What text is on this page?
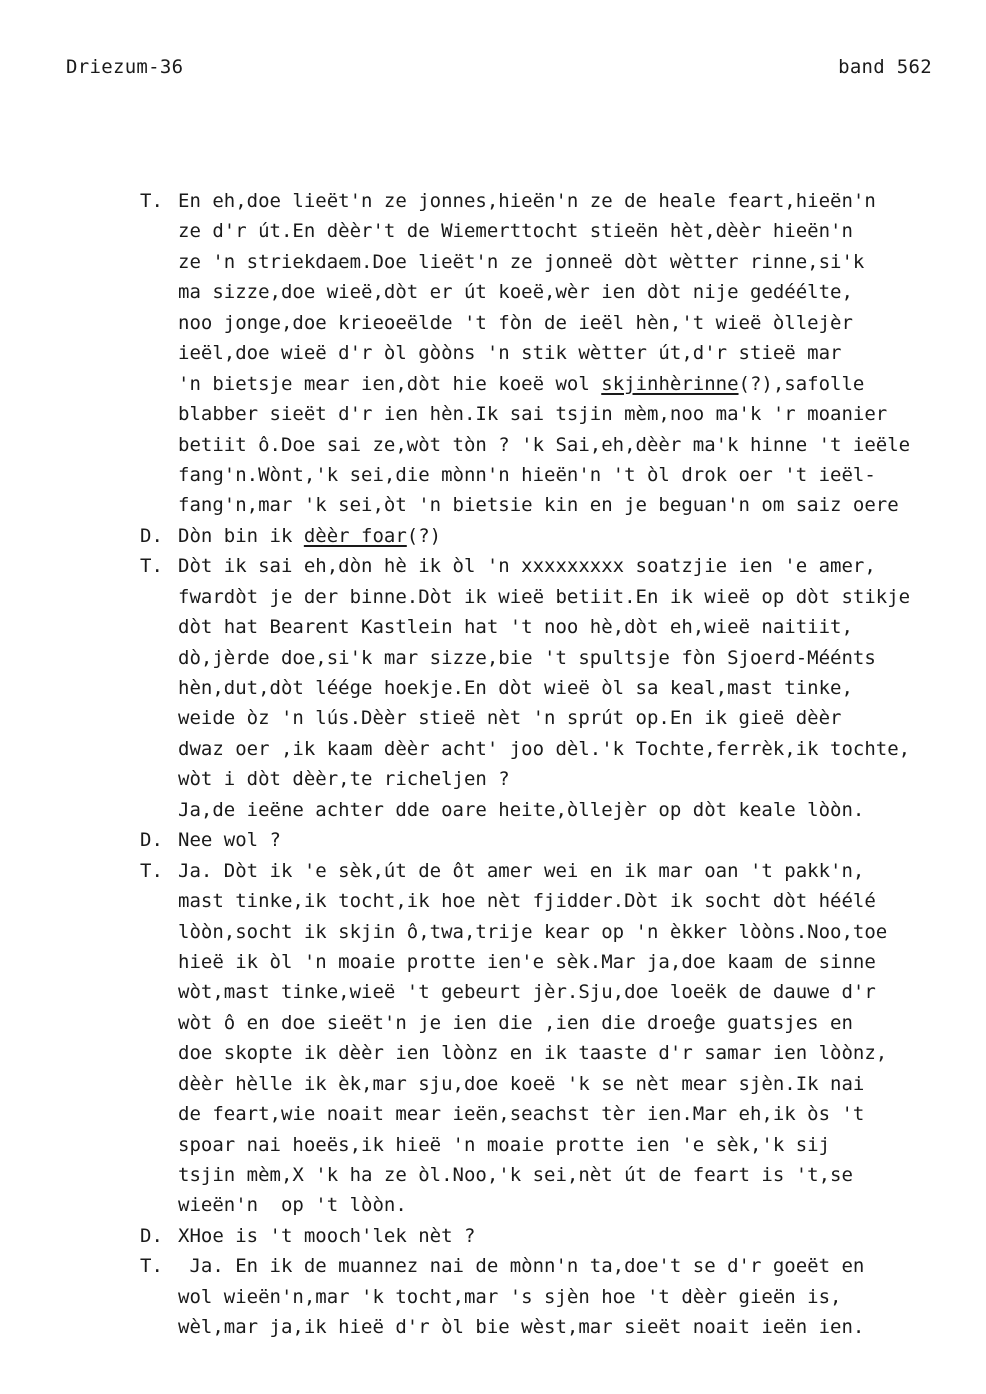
Driezum-36	band 562
T. En eh,doe lieët'n ze jonnes,hieën'n ze de heale feart,hieën'n
ze d'r út.En dèèr't de Wiemerttocht stieën hèt,dèèr hieën'n
ze 'n striekdaem.Doe lieët'n ze jonneë dòt wètter rinne,si'k
ma sizze,doe wieë,dòt er út koeë,wèr ien dòt nije gedéélte,
noo jonge,doe krieoeëlde 't fòn de ieël hèn,'t wieë òllejèr
ieël,doe wieë d'r òl gòòns 'n stik wètter út,d'r stieë mar
'n bietsje mear ien,dòt hie koeë wol skjinhèrinne(?),safolle
blabber sieët d'r ien hèn.Ik sai tsjin mèm,noo ma'k 'r moanier
betiit ô.Doe sai ze,wòt tòn ? 'k Sai,eh,dèèr ma'k hinne 't ieële
fang'n.Wònt,'k sei,die mònn'n hieën'n 't òl drok oer 't ieël-
fang'n,mar 'k sei,òt 'n bietsie kin en je beguan'n om saiz oere
D. Dòn bin ik dèèr foar(?)
T. Dòt ik sai eh,dòn hè ik òl 'n xxxxxxxxx soatzjie ien 'e amer,
fwardòt je der binne.Dòt ik wieë betiit.En ik wieë op dòt stikje
dòt hat Bearent Kastlein hat 't noo hè,dòt eh,wieë naitiit,
dò,jèrde doe,si'k mar sizze,bie 't spultsje fòn Sjoerd-Méénts
hèn,dut,dòt léége hoekje.En dòt wieë òl sa keal,mast tinke,
weide òz 'n lús.Dèèr stieë nèt 'n sprút op.En ik gieë dèèr
dwaz oer ,ik kaam dèèr acht' joo dèl.'k Tochte,ferrèk,ik tochte,
wòt i dòt dèèr,te richeljen ?
Ja,de ieëne achter dde oare heite,òllejèr op dòt keale lòòn.
D. Nee wol ?
T. Ja. Dòt ik 'e sèk,út de ôt amer wei en ik mar oan 't pakk'n,
mast tinke,ik tocht,ik hoe nèt fjidder.Dòt ik socht dòt héélé
lòòn,socht ik skjin ô,twa,trije kear op 'n èkker lòòns.Noo,toe
hieë ik òl 'n moaie protte ien'e sèk.Mar ja,doe kaam de sinne
wòt,mast tinke,wieë 't gebeurt jèr.Sju,doe loeëk de dauwe d'r
wòt ô en doe sieët'n je ien die ,ien die droeĝe guatsjes en
doe skopte ik dèèr ien lòònz en ik taaste d'r samar ien lòònz,
dèèr hèlle ik èk,mar sju,doe koeë 'k se nèt mear sjèn.Ik nai
de feart,wie noait mear ieën,seachst tèr ien.Mar eh,ik òs 't
spoar nai hoeës,ik hieë 'n moaie protte ien 'e sèk,'k sij
tsjin mèm,X 'k ha ze òl.Noo,'k sei,nèt út de feart is 't,se
wieën'n  op 't lòòn.
D. XHoe is 't mooch'lek nèt ?
T. Ja. En ik de muannez nai de mònn'n ta,doe't se d'r goeët en
wol wieën'n,mar 'k tocht,mar 's sjèn hoe 't dèèr gieën is,
wèl,mar ja,ik hieë d'r òl bie wèst,mar sieët noait ieën ien.
